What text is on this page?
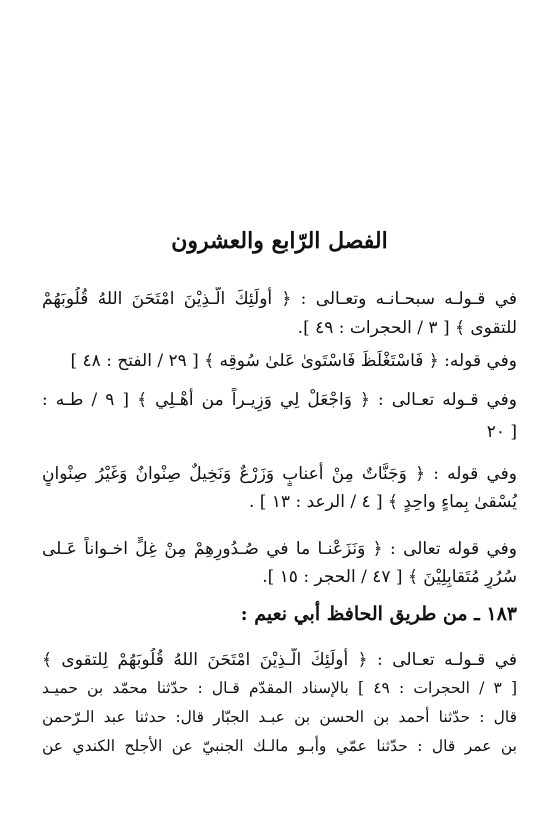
الفصل الرّابع والعشرون
في قـولـه سبحـانـه وتعـالى : ﴿ أُولَئِكَ الَّـذِيْنَ امْتَحَنَ اللهُ قُلُوبَهُمْ
للتقوى ﴾ [ ٣ / الحجرات : ٤٩ ].
وفي قوله: ﴿ فَاسْتَغْلَظَ فَاسْتَوىٰ عَلىٰ سُوقِه ﴾ [ ٢٩ / الفتح : ٤٨ ]
وفي قـوله تعـالى : ﴿ وَاجْعَلْ لِي وَزِيـراً من أَهْـلِي ﴾ [ ٩ / طـه :
٢٠ ]
وفي قوله : ﴿ وَجَنَّاتٌ مِنْ أعنابٍ وَزَرْعٌ وَنَخِيلٌ صِنْوانٌ وَغَيْرُ صِنْوانٍ
يُسْقىٰ بِماءٍ واحِدٍ ﴾ [ ٤ / الرعد : ١٣ ] .
وفي قوله تعالى : ﴿ وَنَزَعْنـا ما في صُـدُورِهِمْ مِنْ غِلٍّ اخـواناً عَـلى
سُرُرٍ مُتَقابِلِيْنَ ﴾ [ ٤٧ / الحجر : ١٥ ].
١٨٣ ـ من طريق الحافظ أبي نعيم :
في قـولـه تعـالى : ﴿ أُولَئِكَ الَّـذِيْنَ امْتَحَنَ اللهُ قُلُوبَهُمْ لِلتقوى ﴾
[ ٣ / الحجرات : ٤٩ ] بالإسناد المقدّم قـال : حدّثنا محمّد بن حميـد
قال : حدّثنا أحمد بن الحسن بن عبـد الجبّار قال: حدثنا عبد الـرّحمن
بن عمر قال : حدّثنا عمّي وأبـو مالـك الجنبيّ عن الأجلح الكندي عن
